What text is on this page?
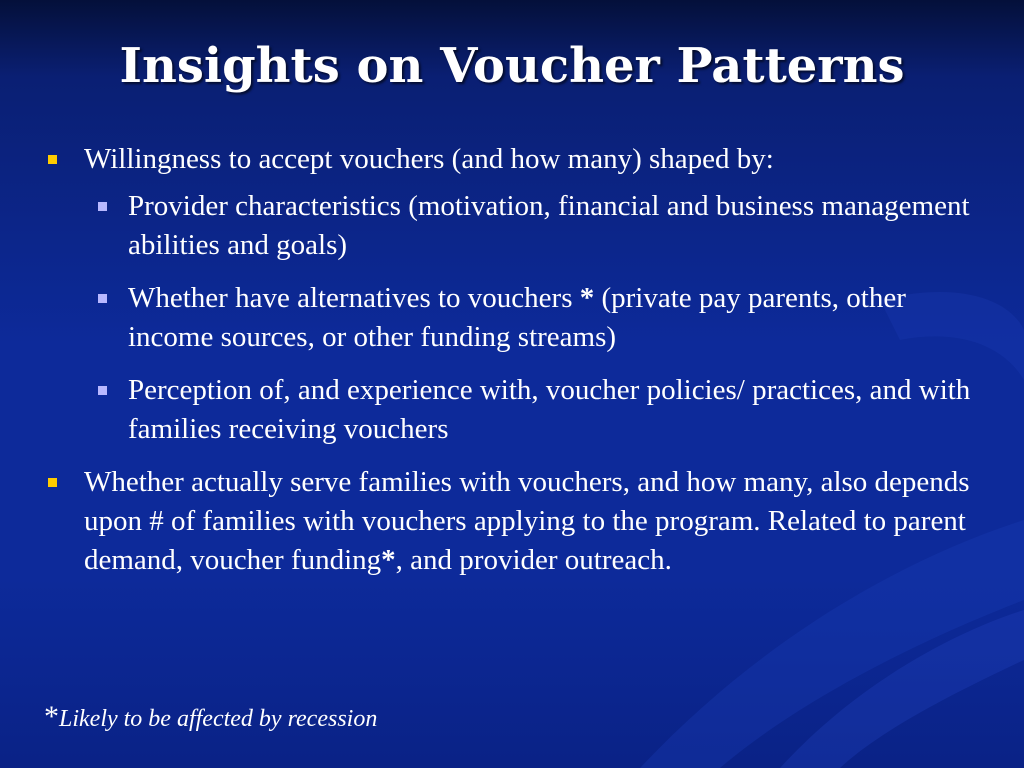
Insights on Voucher Patterns
Willingness to accept vouchers (and how many) shaped by:
Provider characteristics (motivation, financial and business management abilities and goals)
Whether have alternatives to vouchers * (private pay parents, other income sources, or other funding streams)
Perception of, and experience with, voucher policies/ practices, and with families receiving vouchers
Whether actually serve families with vouchers, and how many, also depends upon # of families with vouchers applying to the program. Related to parent demand, voucher funding*, and provider outreach.
*Likely to be affected by recession
